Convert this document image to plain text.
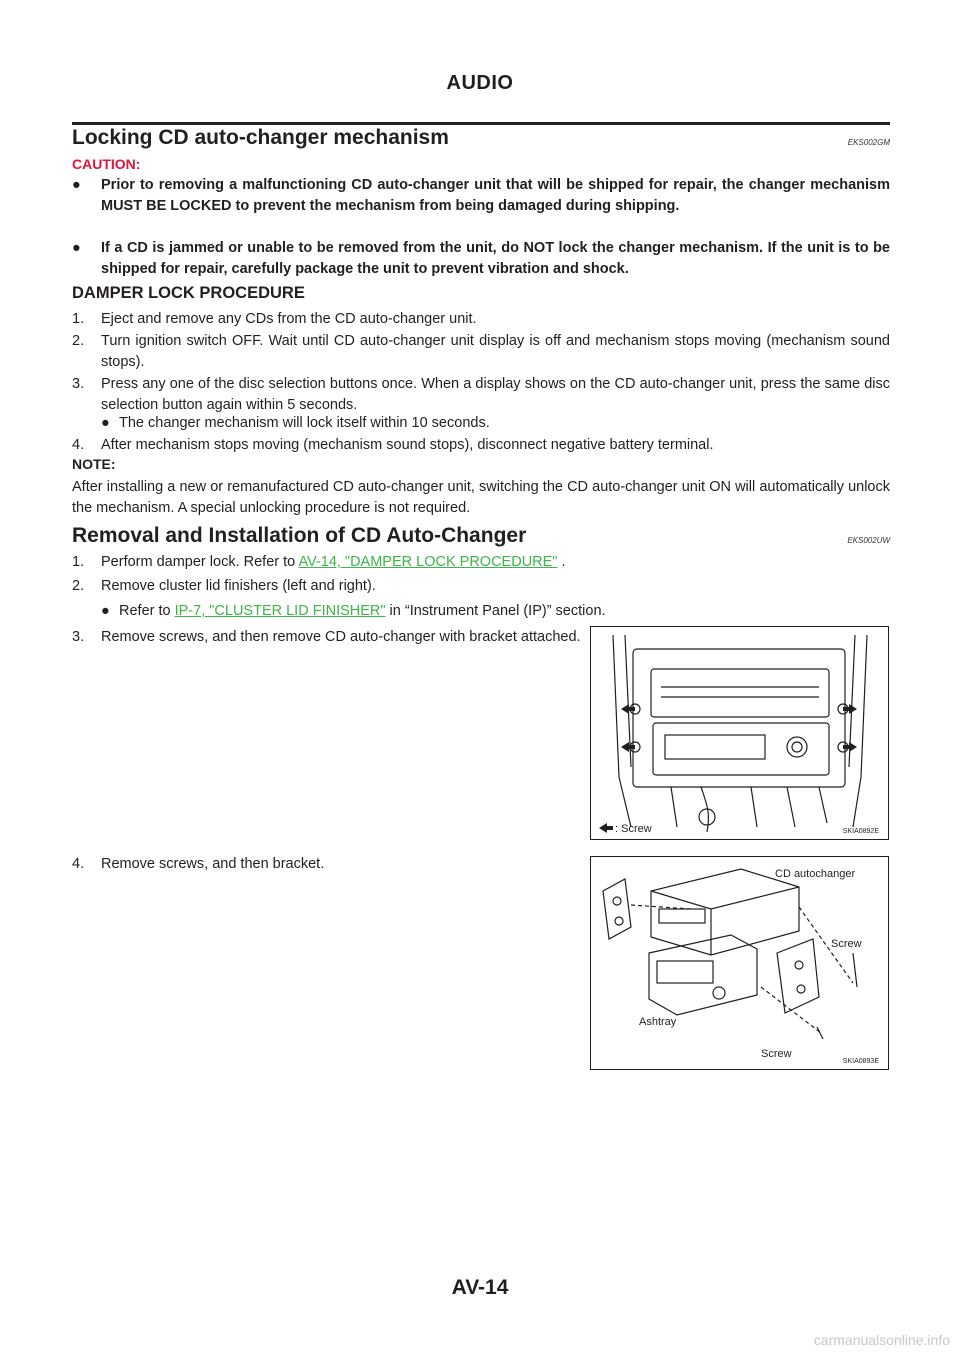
AUDIO
Locking CD auto-changer mechanism	EKS002GM
CAUTION:
● Prior to removing a malfunctioning CD auto-changer unit that will be shipped for repair, the changer mechanism MUST BE LOCKED to prevent the mechanism from being damaged during shipping.
● If a CD is jammed or unable to be removed from the unit, do NOT lock the changer mechanism. If the unit is to be shipped for repair, carefully package the unit to prevent vibration and shock.
DAMPER LOCK PROCEDURE
1. Eject and remove any CDs from the CD auto-changer unit.
2. Turn ignition switch OFF. Wait until CD auto-changer unit display is off and mechanism stops moving (mechanism sound stops).
3. Press any one of the disc selection buttons once. When a display shows on the CD auto-changer unit, press the same disc selection button again within 5 seconds.
● The changer mechanism will lock itself within 10 seconds.
4. After mechanism stops moving (mechanism sound stops), disconnect negative battery terminal.
NOTE:
After installing a new or remanufactured CD auto-changer unit, switching the CD auto-changer unit ON will automatically unlock the mechanism. A special unlocking procedure is not required.
Removal and Installation of CD Auto-Changer	EKS002UW
1. Perform damper lock. Refer to AV-14, "DAMPER LOCK PROCEDURE" .
2. Remove cluster lid finishers (left and right).
● Refer to IP-7, "CLUSTER LID FINISHER" in “Instrument Panel (IP)” section.
3. Remove screws, and then remove CD auto-changer with bracket attached.
4. Remove screws, and then bracket.
: Screw	SKIA0892E
CD autochanger
Screw
Ashtray
Screw
SKIA0893E
AV-14
carmanualsonline.info
